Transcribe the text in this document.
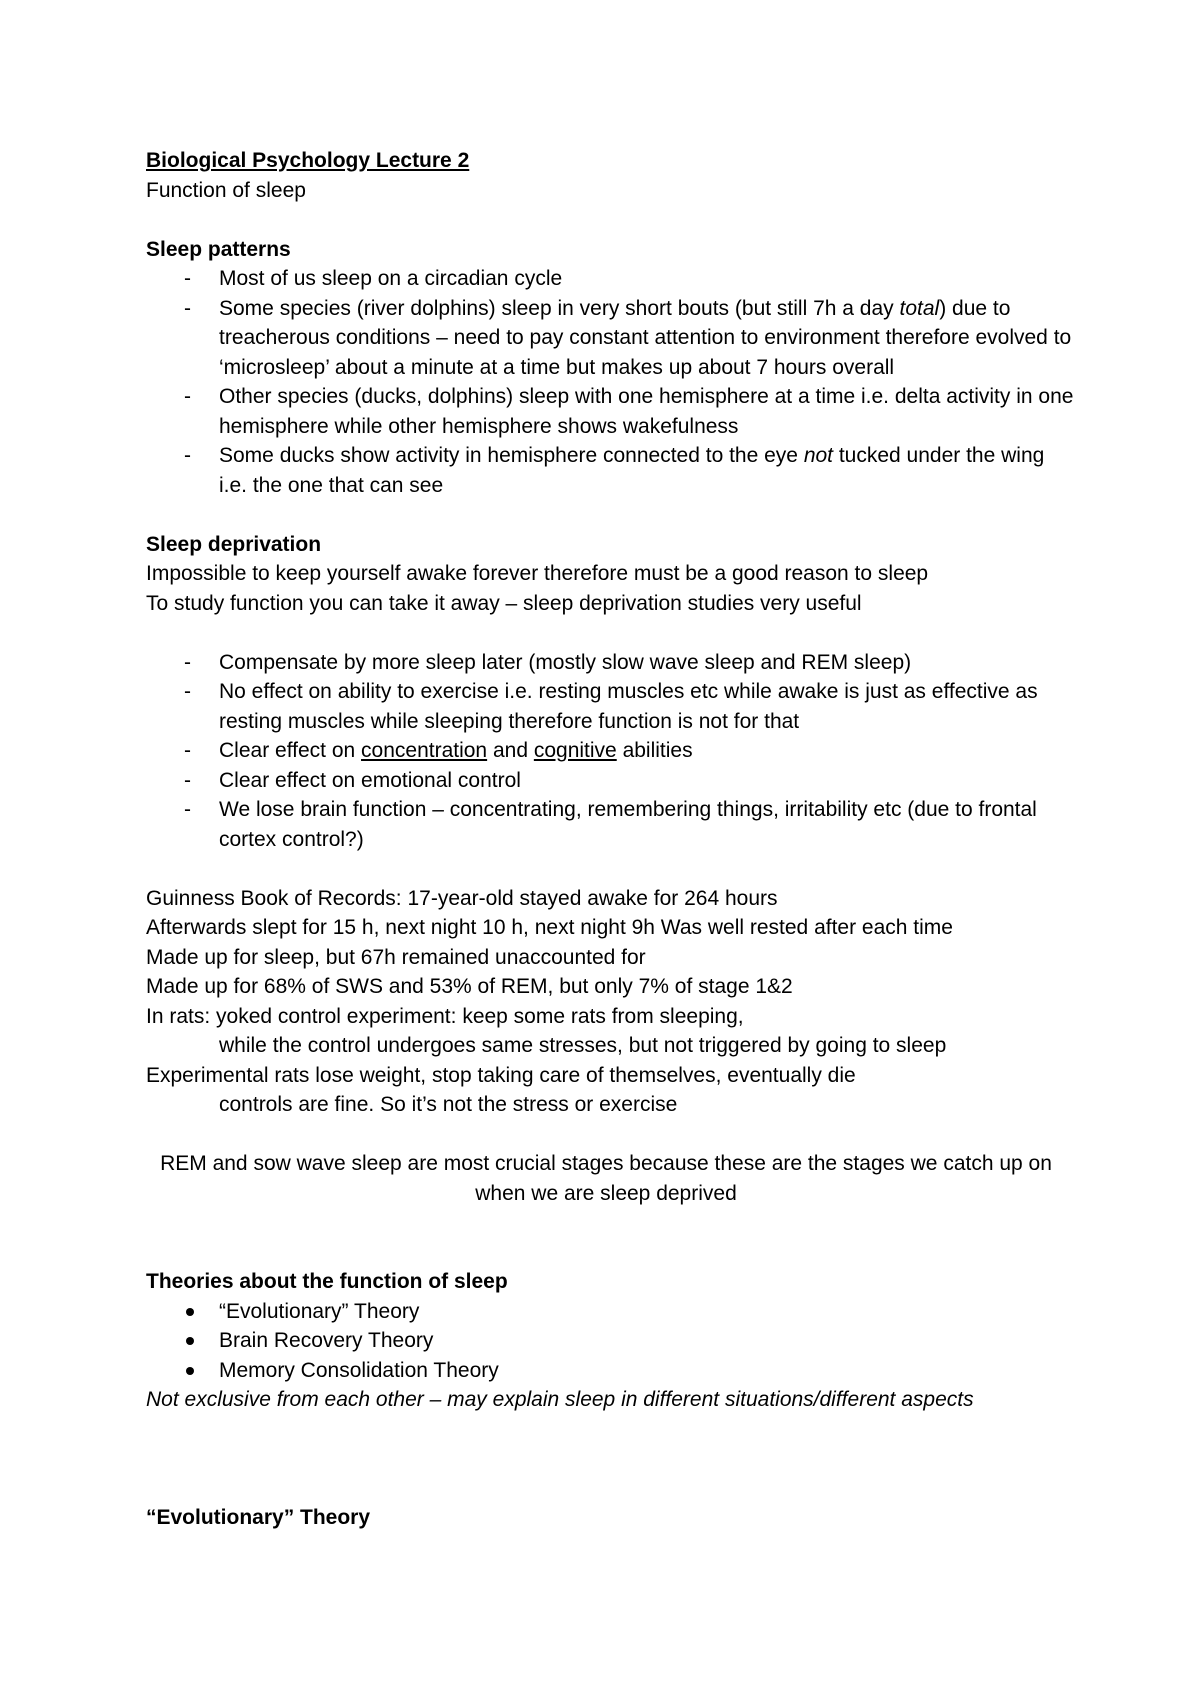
Biological Psychology Lecture 2

Function of sleep

Sleep patterns

-	Most of us sleep on a circadian cycle
-	Some species (river dolphins) sleep in very short bouts (but still 7h a day total) due to treacherous conditions – need to pay constant attention to environment therefore evolved to ‘microsleep’ about a minute at a time but makes up about 7 hours overall
-	Other species (ducks, dolphins) sleep with one hemisphere at a time i.e. delta activity in one hemisphere while other hemisphere shows wakefulness
-	Some ducks show activity in hemisphere connected to the eye not tucked under the wing i.e. the one that can see

Sleep deprivation

Impossible to keep yourself awake forever therefore must be a good reason to sleep

To study function you can take it away – sleep deprivation studies very useful

-	Compensate by more sleep later (mostly slow wave sleep and REM sleep)
-	No effect on ability to exercise i.e. resting muscles etc while awake is just as effective as resting muscles while sleeping therefore function is not for that
-	Clear effect on concentration and cognitive abilities
-	Clear effect on emotional control
-	We lose brain function – concentrating, remembering things, irritability etc (due to frontal cortex control?)

Guinness Book of Records: 17-year-old stayed awake for 264 hours

Afterwards slept for 15 h, next night 10 h, next night 9h Was well rested after each time

Made up for sleep, but 67h remained unaccounted for

Made up for 68% of SWS and 53% of REM, but only 7% of stage 1&2

In rats: yoked control experiment: keep some rats from sleeping,

while the control undergoes same stresses, but not triggered by going to sleep

Experimental rats lose weight, stop taking care of themselves, eventually die

controls are fine. So it’s not the stress or exercise

REM and sow wave sleep are most crucial stages because these are the stages we catch up on when we are sleep deprived

Theories about the function of sleep

“Evolutionary” Theory
Brain Recovery Theory
Memory Consolidation Theory

Not exclusive from each other – may explain sleep in different situations/different aspects

“Evolutionary” Theory
